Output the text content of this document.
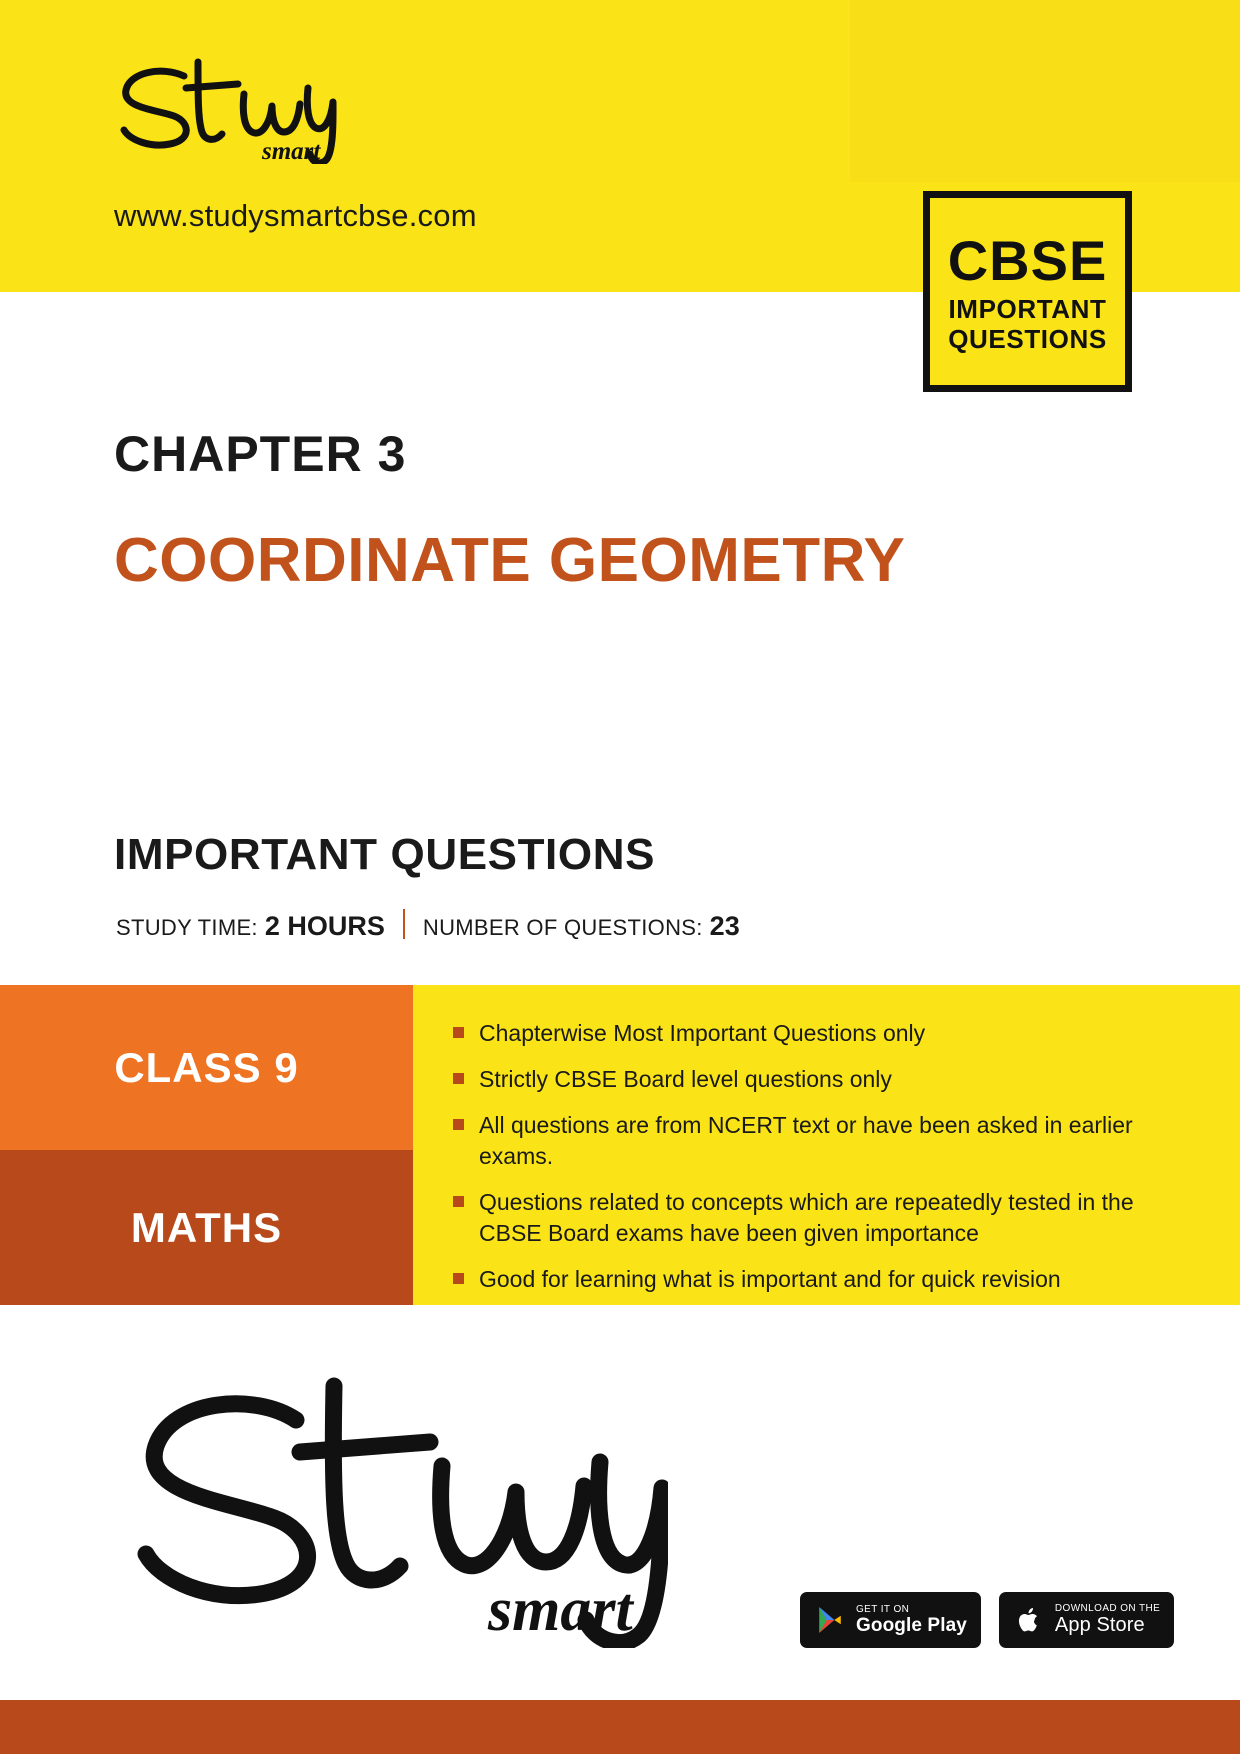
smart
www.studysmartcbse.com
CBSE
IMPORTANT
QUESTIONS
CHAPTER 3
COORDINATE GEOMETRY
IMPORTANT QUESTIONS
STUDY TIME: 2 HOURS NUMBER OF QUESTIONS: 23
CLASS 9
MATHS
Chapterwise Most Important Questions only
Strictly CBSE Board level questions only
All questions are from NCERT text or have been asked in earlier exams.
Questions related to concepts which are repeatedly tested in the CBSE Board exams have been given importance
Good for learning what is important and for quick revision
smart	GET IT ON
Google Play
DOWNLOAD ON THE
App Store
